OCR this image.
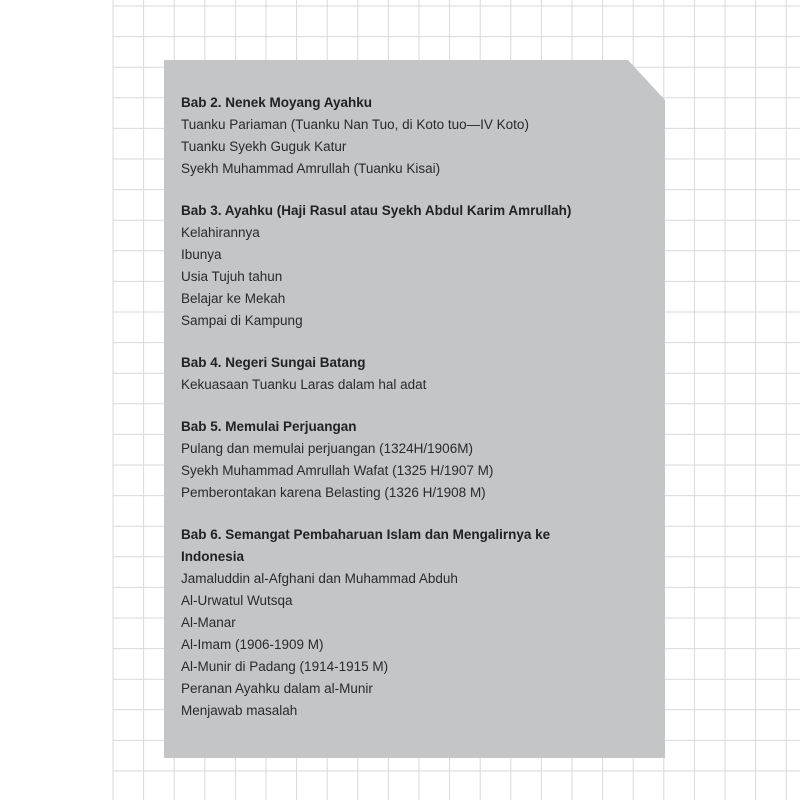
Bab 2. Nenek Moyang Ayahku
Tuanku Pariaman (Tuanku Nan Tuo, di Koto tuo—IV Koto)
Tuanku Syekh Guguk Katur
Syekh Muhammad Amrullah (Tuanku Kisai)
Bab 3. Ayahku (Haji Rasul atau Syekh Abdul Karim Amrullah)
Kelahirannya
Ibunya
Usia Tujuh tahun
Belajar ke Mekah
Sampai di Kampung
Bab 4. Negeri Sungai Batang
Kekuasaan Tuanku Laras dalam hal adat
Bab 5. Memulai Perjuangan
Pulang dan memulai perjuangan (1324H/1906M)
Syekh Muhammad Amrullah Wafat (1325 H/1907 M)
Pemberontakan karena Belasting (1326 H/1908 M)
Bab 6. Semangat Pembaharuan Islam dan Mengalirnya ke Indonesia
Jamaluddin al-Afghani dan Muhammad Abduh
Al-Urwatul Wutsqa
Al-Manar
Al-Imam (1906-1909 M)
Al-Munir di Padang (1914-1915 M)
Peranan Ayahku dalam al-Munir
Menjawab masalah
